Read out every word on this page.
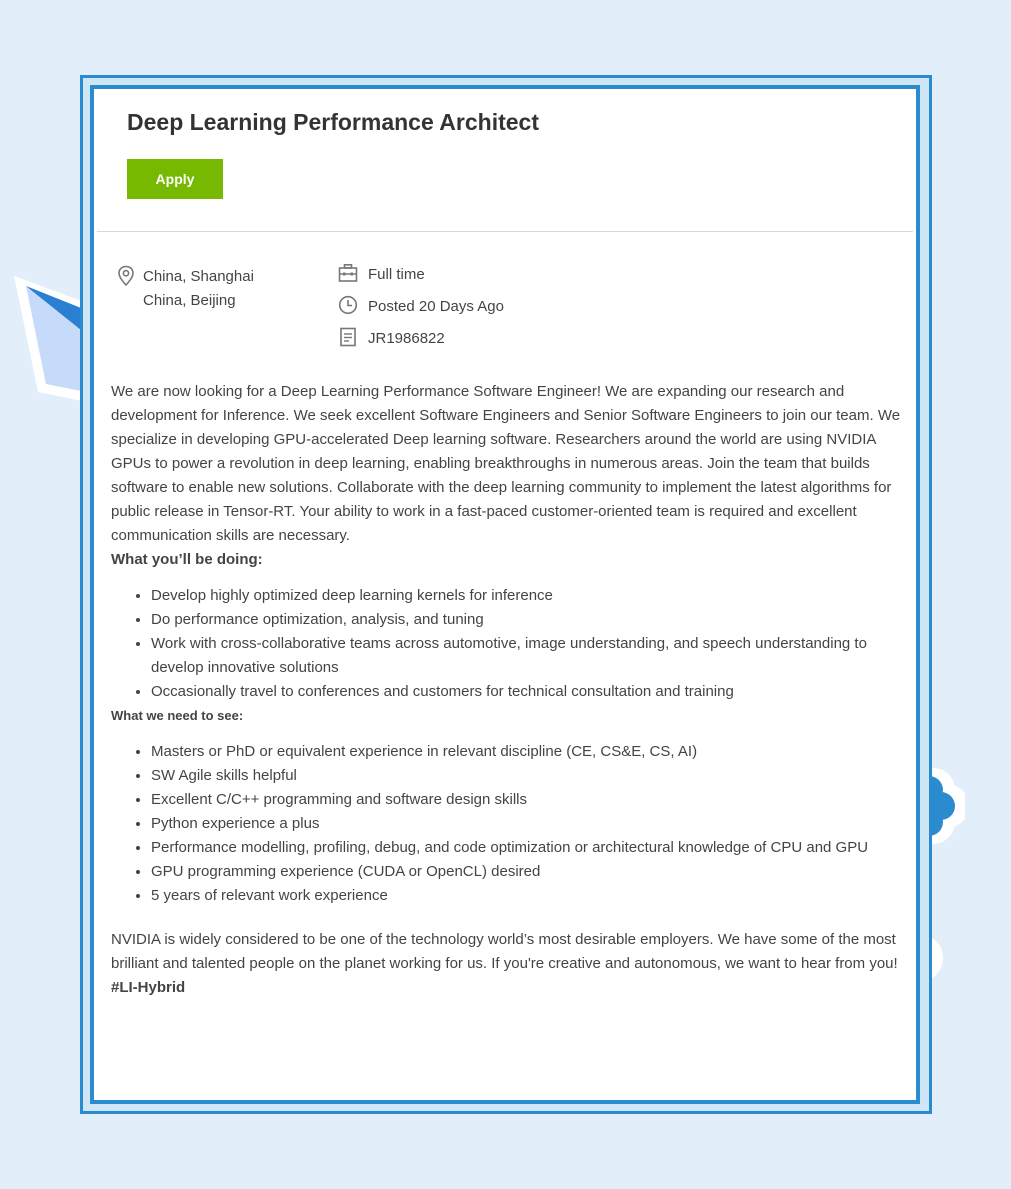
Deep Learning Performance Architect
Apply
China, Shanghai
China, Beijing
Full time
Posted 20 Days Ago
JR1986822

We are now looking for a Deep Learning Performance Software Engineer! We are expanding our research and development for Inference. We seek excellent Software Engineers and Senior Software Engineers to join our team. We specialize in developing GPU-accelerated Deep learning software. Researchers around the world are using NVIDIA GPUs to power a revolution in deep learning, enabling breakthroughs in numerous areas. Join the team that builds software to enable new solutions. Collaborate with the deep learning community to implement the latest algorithms for public release in Tensor-RT. Your ability to work in a fast-paced customer-oriented team is required and excellent communication skills are necessary.

What you’ll be doing:

• Develop highly optimized deep learning kernels for inference
• Do performance optimization, analysis, and tuning
• Work with cross-collaborative teams across automotive, image understanding, and speech understanding to develop innovative solutions
• Occasionally travel to conferences and customers for technical consultation and training

What we need to see:

• Masters or PhD or equivalent experience in relevant discipline (CE, CS&E, CS, AI)
• SW Agile skills helpful
• Excellent C/C++ programming and software design skills
• Python experience a plus
• Performance modelling, profiling, debug, and code optimization or architectural knowledge of CPU and GPU
• GPU programming experience (CUDA or OpenCL) desired
• 5 years of relevant work experience

NVIDIA is widely considered to be one of the technology world’s most desirable employers. We have some of the most brilliant and talented people on the planet working for us. If you're creative and autonomous, we want to hear from you!

#LI-Hybrid
